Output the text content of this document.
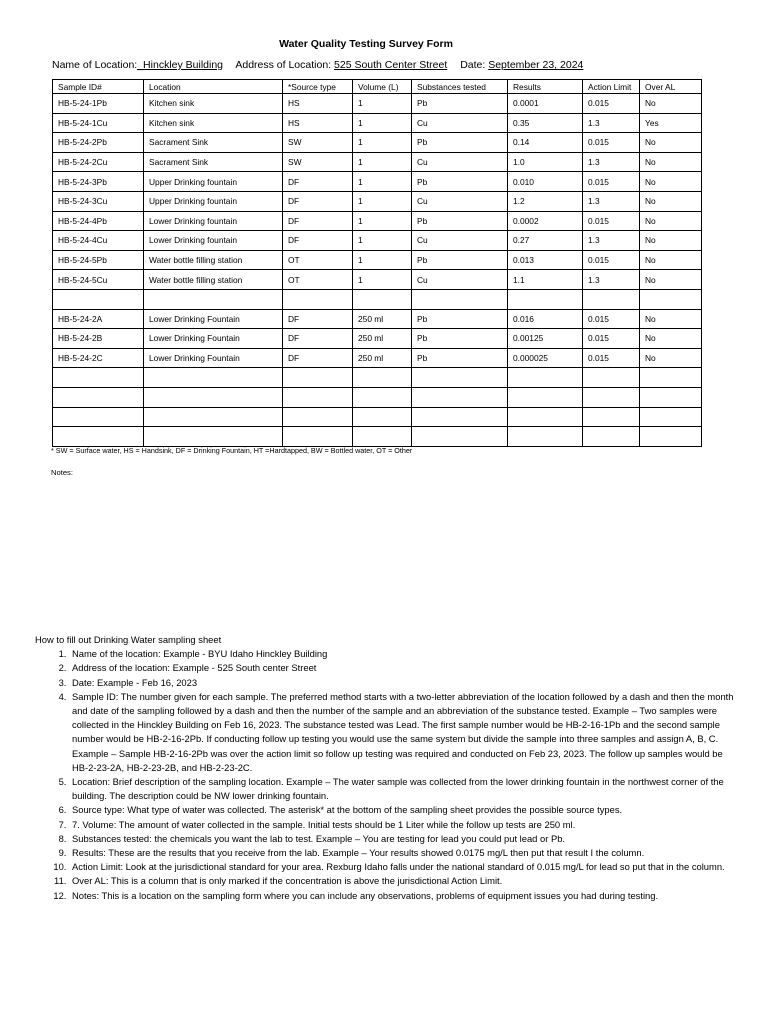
Water Quality Testing Survey Form
Name of Location:_Hinckley Building Address of Location: 525 South Center Street Date: September 23, 2024
Sample ID#	Location	*Source type	Volume (L)	Substances tested	Results	Action Limit	Over AL
HB-5-24-1Pb	Kitchen sink	HS	1	Pb	0.0001	0.015	No
HB-5-24-1Cu	Kitchen sink	HS	1	Cu	0.35	1.3	Yes
HB-5-24-2Pb	Sacrament Sink	SW	1	Pb	0.14	0.015	No
HB-5-24-2Cu	Sacrament Sink	SW	1	Cu	1.0	1.3	No
HB-5-24-3Pb	Upper Drinking fountain	DF	1	Pb	0.010	0.015	No
HB-5-24-3Cu	Upper Drinking fountain	DF	1	Cu	1.2	1.3	No
HB-5-24-4Pb	Lower Drinking fountain	DF	1	Pb	0.0002	0.015	No
HB-5-24-4Cu	Lower Drinking fountain	DF	1	Cu	0.27	1.3	No
HB-5-24-5Pb	Water bottle filling station	OT	1	Pb	0.013	0.015	No
HB-5-24-5Cu	Water bottle filling station	OT	1	Cu	1.1	1.3	No

HB-5-24-2A	Lower Drinking Fountain	DF	250 ml	Pb	0.016	0.015	No
HB-5-24-2B	Lower Drinking Fountain	DF	250 ml	Pb	0.00125	0.015	No
HB-5-24-2C	Lower Drinking Fountain	DF	250 ml	Pb	0.000025	0.015	No

* SW = Surface water, HS = Handsink, DF = Drinking Fountain, HT =Hardtapped, BW = Bottled water, OT = Other
Notes:

How to fill out Drinking Water sampling sheet

1. Name of the location: Example - BYU Idaho Hinckley Building
2. Address of the location: Example - 525 South center Street
3. Date: Example - Feb 16, 2023
4. Sample ID: The number given for each sample. The preferred method starts with a two-letter abbreviation of the location followed by a dash and then the month and date of the sampling followed by a dash and then the number of the sample and an abbreviation of the substance tested. Example – Two samples were collected in the Hinckley Building on Feb 16, 2023. The substance tested was Lead. The first sample number would be HB-2-16-1Pb and the second sample number would be HB-2-16-2Pb. If conducting follow up testing you would use the same system but divide the sample into three samples and assign A, B, C. Example – Sample HB-2-16-2Pb was over the action limit so follow up testing was required and conducted on Feb 23, 2023. The follow up samples would be HB-2-23-2A, HB-2-23-2B, and HB-2-23-2C.
5. Location: Brief description of the sampling location. Example – The water sample was collected from the lower drinking fountain in the northwest corner of the building. The description could be NW lower drinking fountain.
6. Source type: What type of water was collected. The asterisk* at the bottom of the sampling sheet provides the possible source types.
7. 7. Volume: The amount of water collected in the sample. Initial tests should be 1 Liter while the follow up tests are 250 ml.
8. Substances tested: the chemicals you want the lab to test. Example – You are testing for lead you could put lead or Pb.
9. Results: These are the results that you receive from the lab. Example – Your results showed 0.0175 mg/L then put that result I the column.
10. Action Limit: Look at the jurisdictional standard for your area. Rexburg Idaho falls under the national standard of 0.015 mg/L for lead so put that in the column.
11. Over AL: This is a column that is only marked if the concentration is above the jurisdictional Action Limit.
12. Notes: This is a location on the sampling form where you can include any observations, problems of equipment issues you had during testing.
